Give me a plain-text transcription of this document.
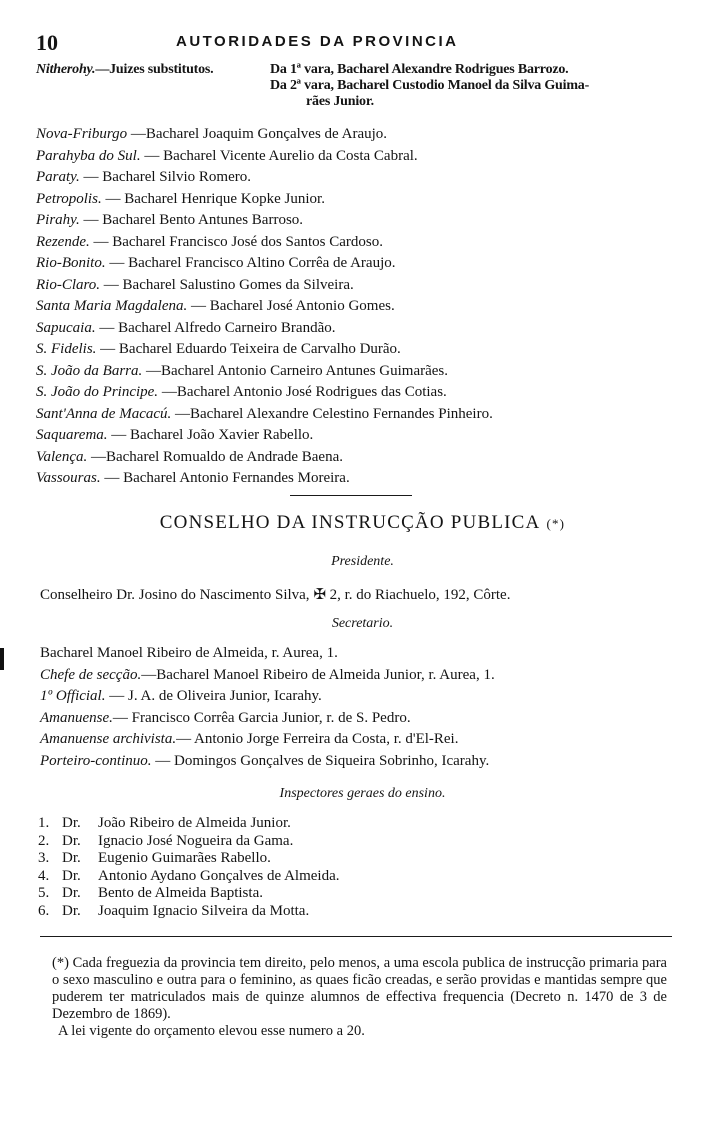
10	AUTORIDADES DA PROVINCIA
Nitherohy.—Juizes substitutos.	Da 1ª vara, Bacharel Alexandre Rodrigues Barrozo.
Da 2ª vara, Bacharel Custodio Manoel da Silva Guima-
rães Junior.
Nova-Friburgo —Bacharel Joaquim Gonçalves de Araujo.
Parahyba do Sul. — Bacharel Vicente Aurelio da Costa Cabral.
Paraty. — Bacharel Silvio Romero.
Petropolis. — Bacharel Henrique Kopke Junior.
Pirahy. — Bacharel Bento Antunes Barroso.
Rezende. — Bacharel Francisco José dos Santos Cardoso.
Rio-Bonito. — Bacharel Francisco Altino Corrêa de Araujo.
Rio-Claro. — Bacharel Salustino Gomes da Silveira.
Santa Maria Magdalena. — Bacharel José Antonio Gomes.
Sapucaia. — Bacharel Alfredo Carneiro Brandão.
S. Fidelis. — Bacharel Eduardo Teixeira de Carvalho Durão.
S. João da Barra. —Bacharel Antonio Carneiro Antunes Guimarães.
S. João do Principe. —Bacharel Antonio José Rodrigues das Cotias.
Sant'Anna de Macacú. —Bacharel Alexandre Celestino Fernandes Pinheiro.
Saquarema. — Bacharel João Xavier Rabello.
Valença. —Bacharel Romualdo de Andrade Baena.
Vassouras. — Bacharel Antonio Fernandes Moreira.
CONSELHO DA INSTRUCÇÃO PUBLICA (*)
Presidente.
Conselheiro Dr. Josino do Nascimento Silva, ✠ 2, r. do Riachuelo, 192, Côrte.
Secretario.
Bacharel Manoel Ribeiro de Almeida, r. Aurea, 1.
Chefe de secção.—Bacharel Manoel Ribeiro de Almeida Junior, r. Aurea, 1.
1º Official. — J. A. de Oliveira Junior, Icarahy.
Amanuense.— Francisco Corrêa Garcia Junior, r. de S. Pedro.
Amanuense archivista.— Antonio Jorge Ferreira da Costa, r. d'El-Rei.
Porteiro-continuo. — Domingos Gonçalves de Siqueira Sobrinho, Icarahy.
Inspectores geraes do ensino.
1. Dr. João Ribeiro de Almeida Junior.
2. Dr. Ignacio José Nogueira da Gama.
3. Dr. Eugenio Guimarães Rabello.
4. Dr. Antonio Aydano Gonçalves de Almeida.
5. Dr. Bento de Almeida Baptista.
6. Dr. Joaquim Ignacio Silveira da Motta.

(*) Cada freguezia da provincia tem direito, pelo menos, a uma escola publica de instrucção primaria para o sexo masculino e outra para o feminino, as quaes ficão creadas, e serão providas e mantidas sempre que puderem ter matriculados mais de quinze alumnos de effectiva frequencia (Decreto n. 1470 de 3 de Dezembro de 1869).

A lei vigente do orçamento elevou esse numero a 20.
